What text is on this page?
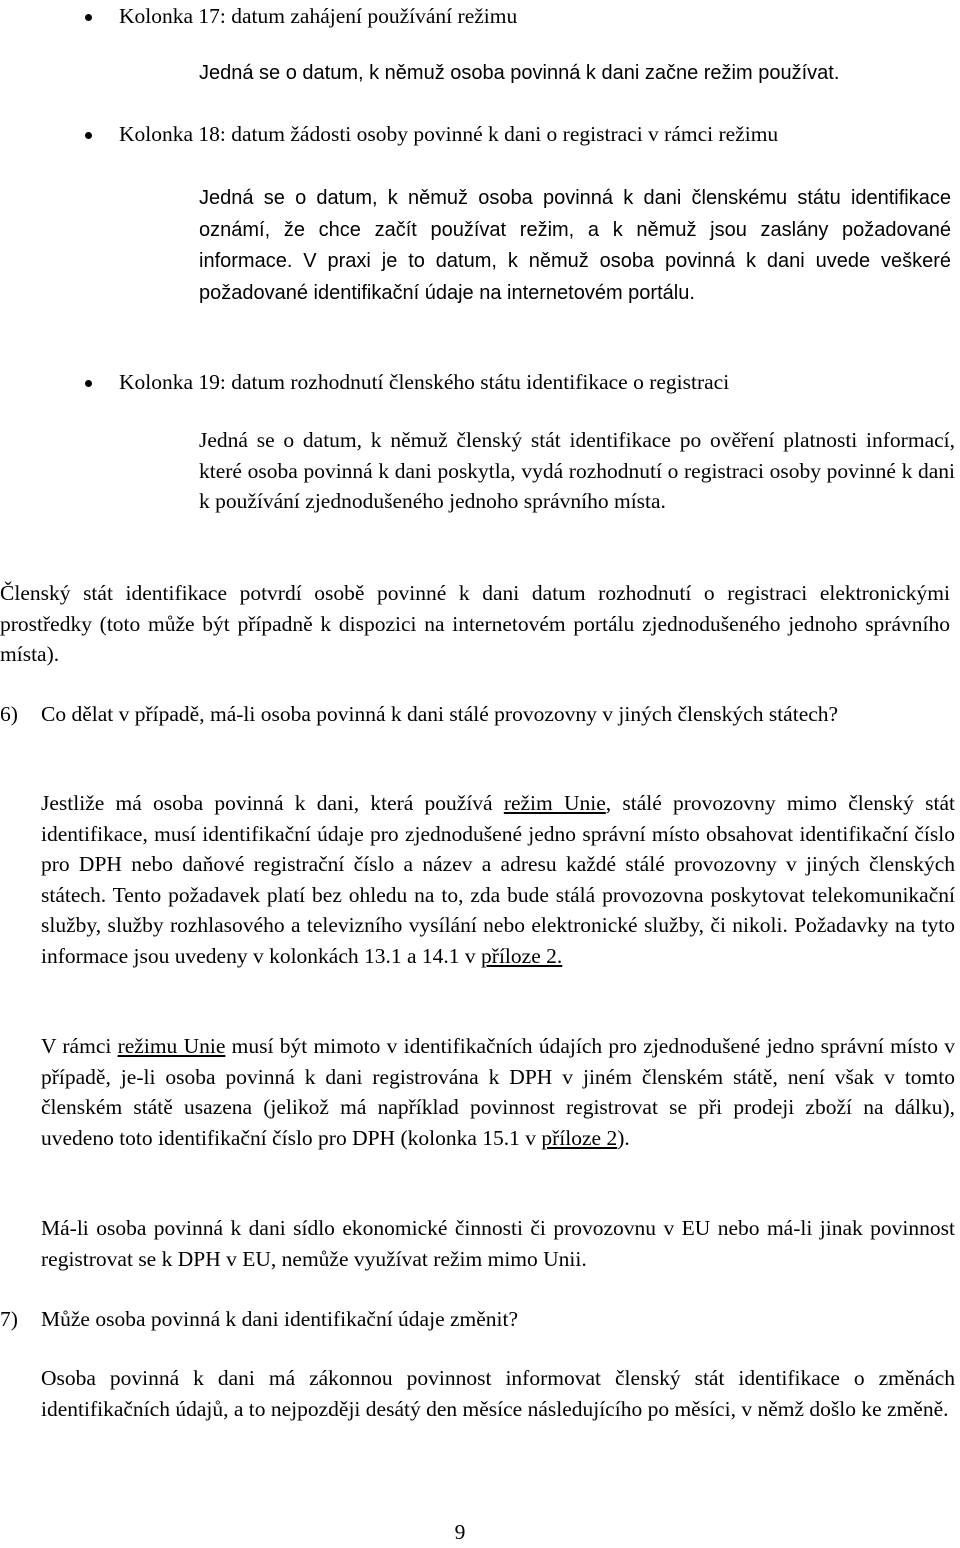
Kolonka 17: datum zahájení používání režimu

Jedná se o datum, k němuž osoba povinná k dani začne režim používat.

Kolonka 18: datum žádosti osoby povinné k dani o registraci v rámci režimu

Jedná se o datum, k němuž osoba povinná k dani členskému státu identifikace oznámí, že chce začít používat režim, a k němuž jsou zaslány požadované informace. V praxi je to datum, k němuž osoba povinná k dani uvede veškeré požadované identifikační údaje na internetovém portálu.

Kolonka 19: datum rozhodnutí členského státu identifikace o registraci

Jedná se o datum, k němuž členský stát identifikace po ověření platnosti informací, které osoba povinná k dani poskytla, vydá rozhodnutí o registraci osoby povinné k dani k používání zjednodušeného jednoho správního místa.

Členský stát identifikace potvrdí osobě povinné k dani datum rozhodnutí o registraci elektronickými prostředky (toto může být případně k dispozici na internetovém portálu zjednodušeného jednoho správního místa).

6) Co dělat v případě, má-li osoba povinná k dani stálé provozovny v jiných členských státech?

Jestliže má osoba povinná k dani, která používá režim Unie, stálé provozovny mimo členský stát identifikace, musí identifikační údaje pro zjednodušené jedno správní místo obsahovat identifikační číslo pro DPH nebo daňové registrační číslo a název a adresu každé stálé provozovny v jiných členských státech. Tento požadavek platí bez ohledu na to, zda bude stálá provozovna poskytovat telekomunikační služby, služby rozhlasového a televizního vysílání nebo elektronické služby, či nikoli. Požadavky na tyto informace jsou uvedeny v kolonkách 13.1 a 14.1 v příloze 2.

V rámci režimu Unie musí být mimoto v identifikačních údajích pro zjednodušené jedno správní místo v případě, je-li osoba povinná k dani registrována k DPH v jiném členském státě, není však v tomto členském státě usazena (jelikož má například povinnost registrovat se při prodeji zboží na dálku), uvedeno toto identifikační číslo pro DPH (kolonka 15.1 v příloze 2).

Má-li osoba povinná k dani sídlo ekonomické činnosti či provozovnu v EU nebo má-li jinak povinnost registrovat se k DPH v EU, nemůže využívat režim mimo Unii.

7) Může osoba povinná k dani identifikační údaje změnit?

Osoba povinná k dani má zákonnou povinnost informovat členský stát identifikace o změnách identifikačních údajů, a to nejpozději desátý den měsíce následujícího po měsíci, v němž došlo ke změně.

9
